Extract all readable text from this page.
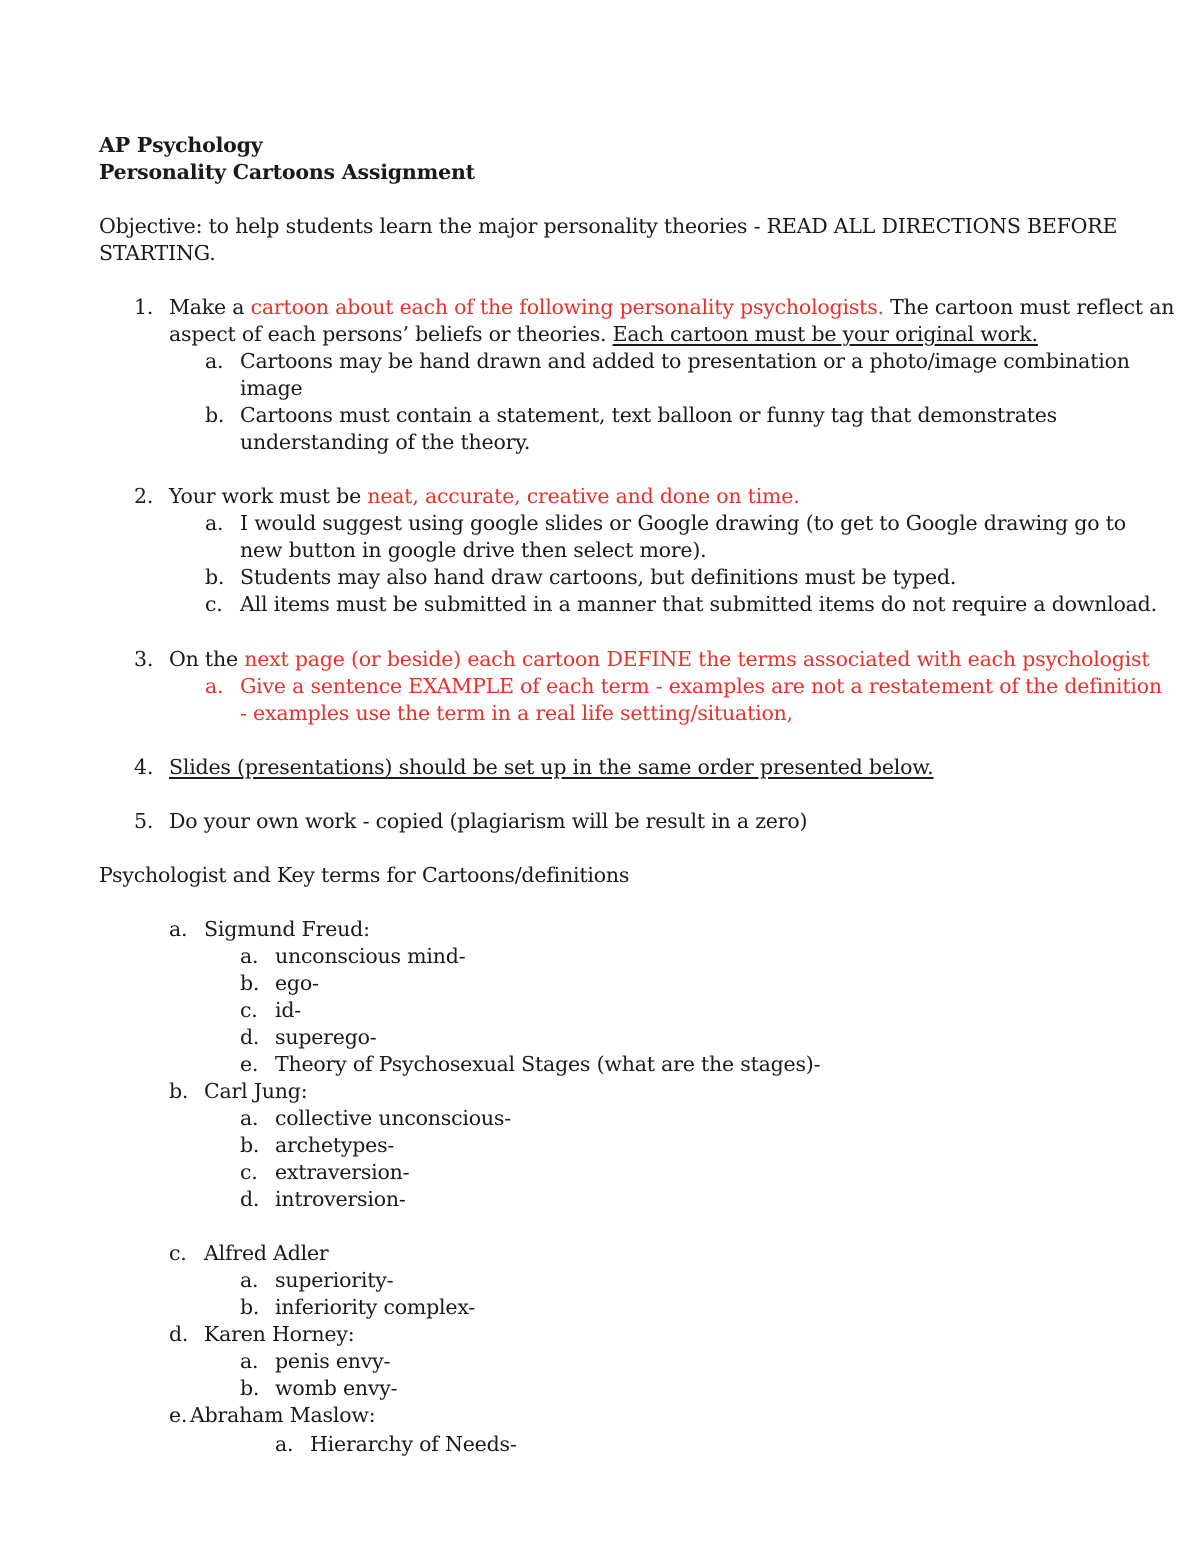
AP Psychology
Personality Cartoons Assignment
Objective: to help students learn the major personality theories - READ ALL DIRECTIONS BEFORE
STARTING.
1. Make a cartoon about each of the following personality psychologists. The cartoon must reflect an
aspect of each persons’ beliefs or theories. Each cartoon must be your original work.
a. Cartoons may be hand drawn and added to presentation or a photo/image combination
image
b. Cartoons must contain a statement, text balloon or funny tag that demonstrates
understanding of the theory.
2. Your work must be neat, accurate, creative and done on time.
a. I would suggest using google slides or Google drawing (to get to Google drawing go to
new button in google drive then select more).
b. Students may also hand draw cartoons, but definitions must be typed.
c. All items must be submitted in a manner that submitted items do not require a download.
3. On the next page (or beside) each cartoon DEFINE the terms associated with each psychologist
a. Give a sentence EXAMPLE of each term - examples are not a restatement of the definition
- examples use the term in a real life setting/situation,
4. Slides (presentations) should be set up in the same order presented below.
5. Do your own work - copied (plagiarism will be result in a zero)
Psychologist and Key terms for Cartoons/definitions
a. Sigmund Freud:
a. unconscious mind-
b. ego-
c. id-
d. superego-
e. Theory of Psychosexual Stages (what are the stages)-
b. Carl Jung:
a. collective unconscious-
b. archetypes-
c. extraversion-
d. introversion-
c. Alfred Adler
a. superiority-
b. inferiority complex-
d. Karen Horney:
a. penis envy-
b. womb envy-
e. Abraham Maslow:
a. Hierarchy of Needs-
